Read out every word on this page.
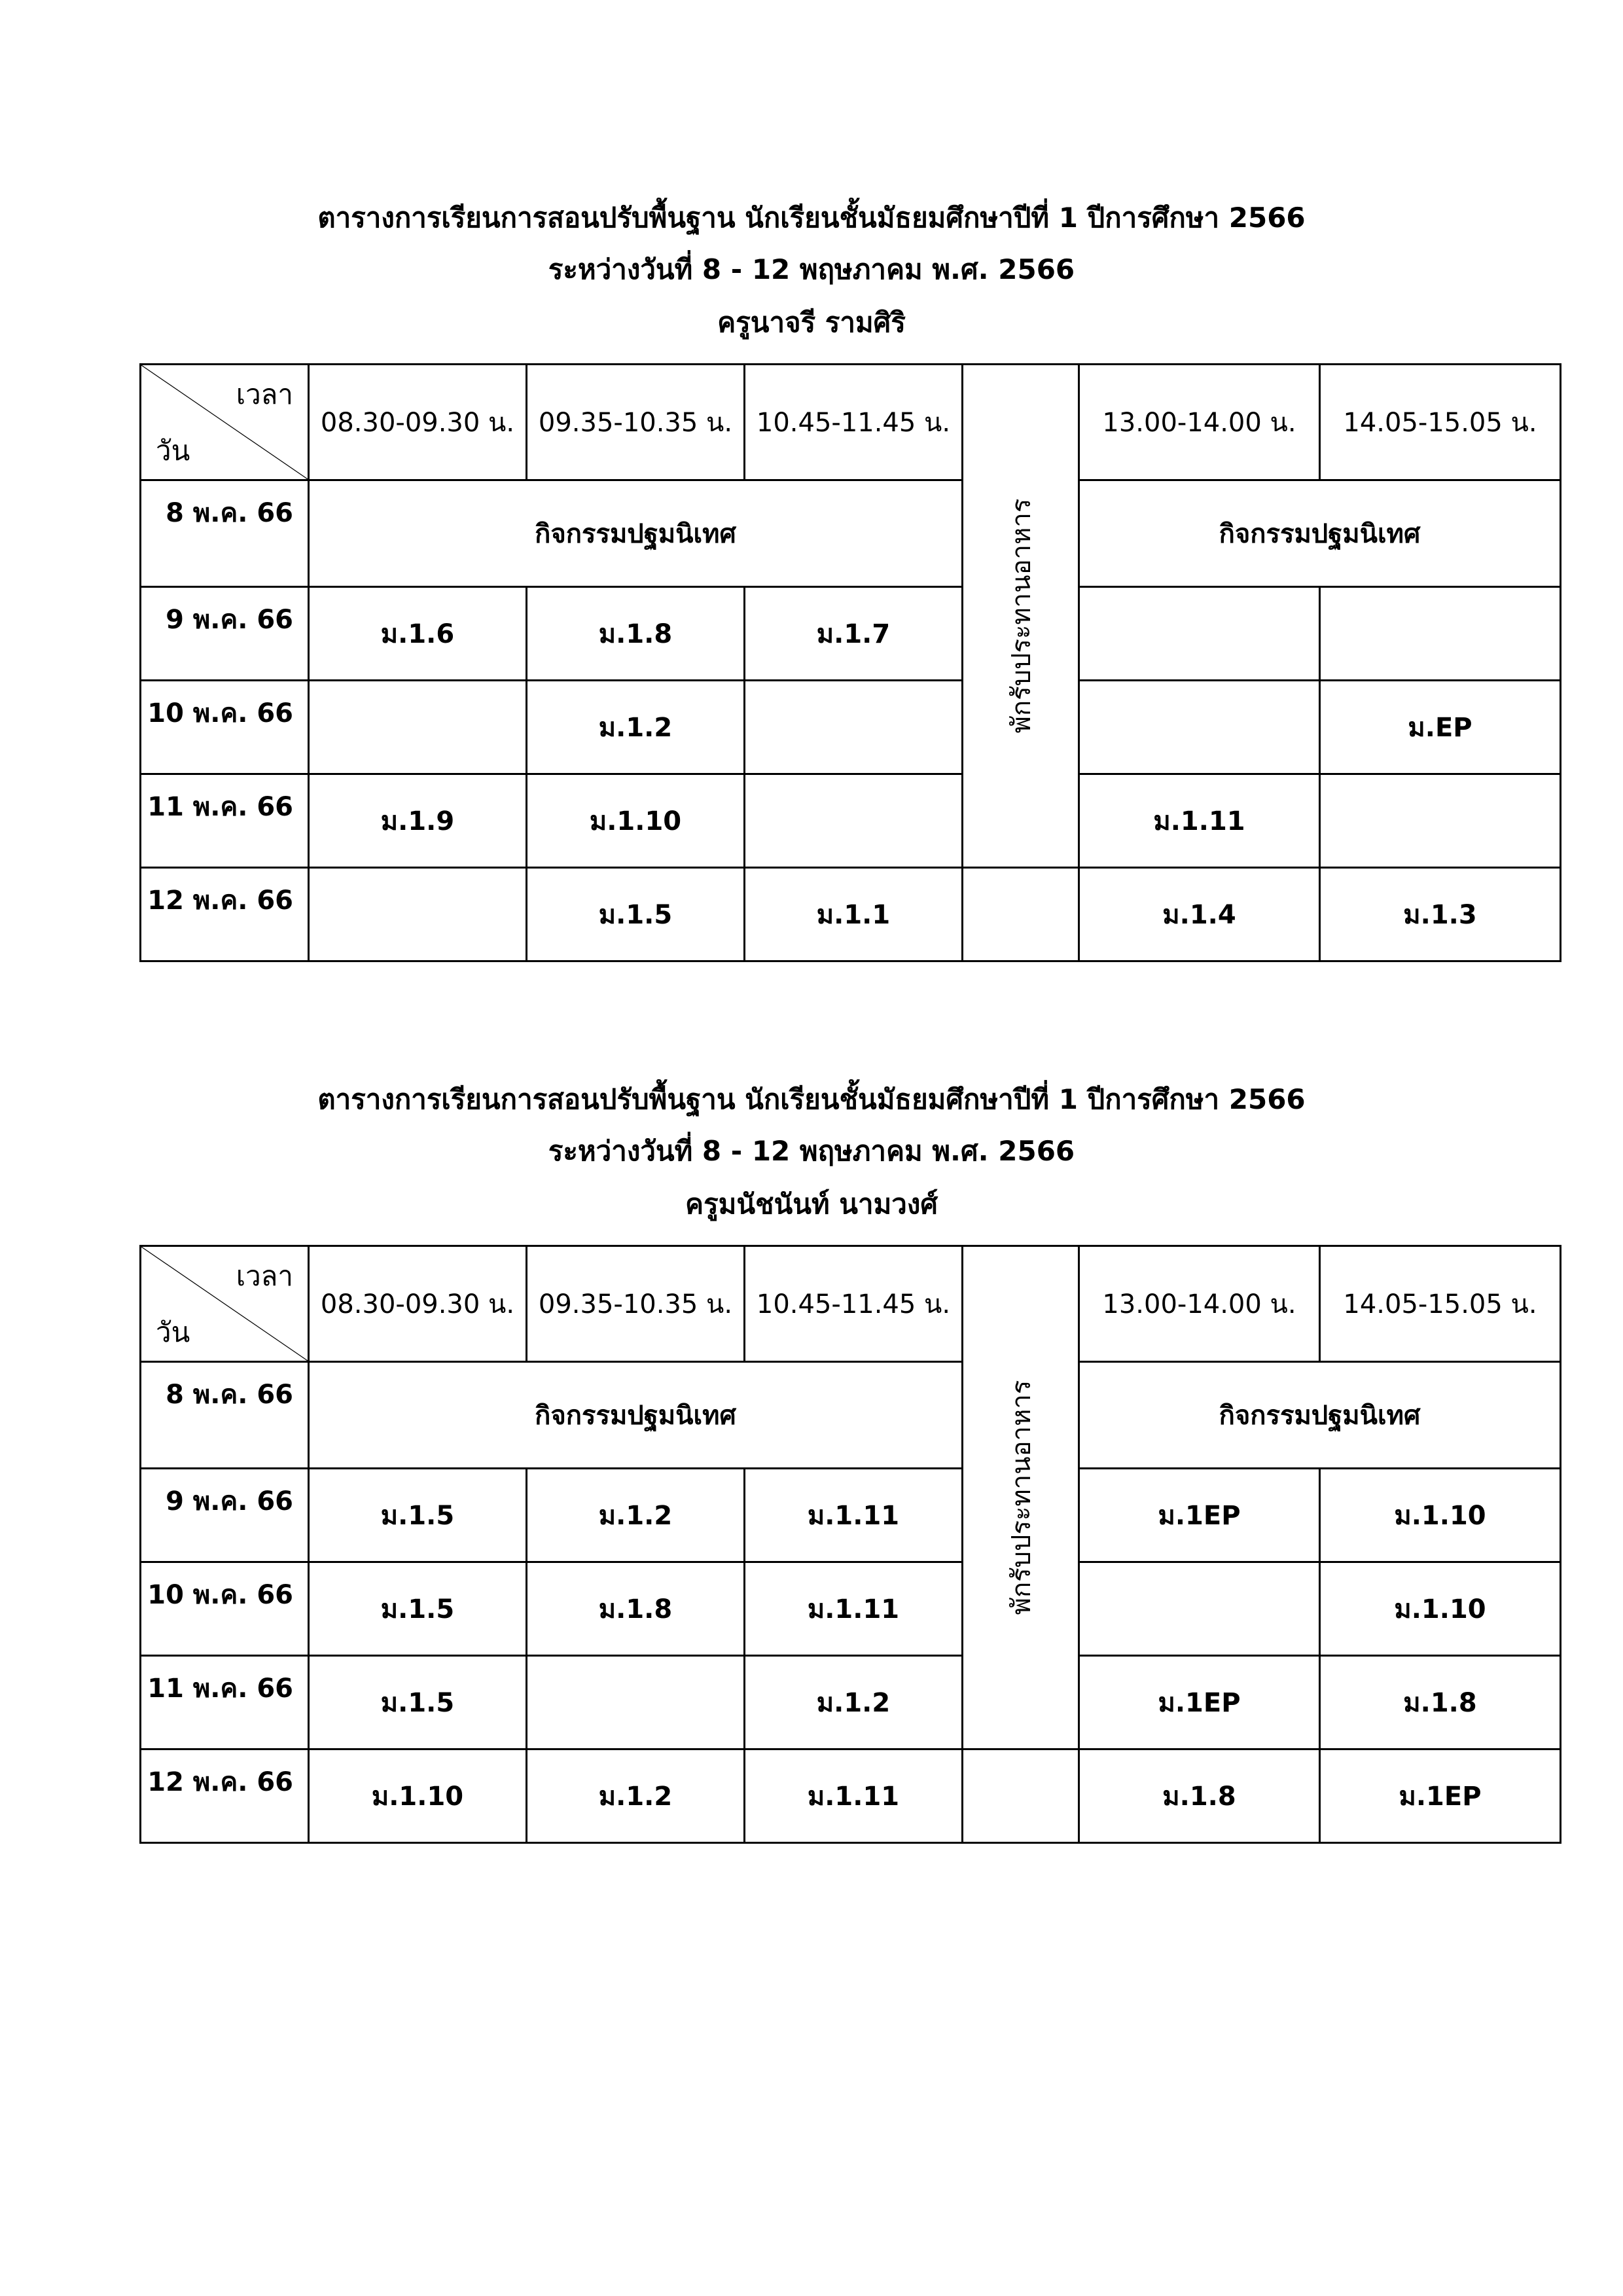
ตารางการเรียนการสอนปรับพื้นฐาน นักเรียนชั้นมัธยมศึกษาปีที่ 1 ปีการศึกษา 2566
ระหว่างวันที่ 8 - 12 พฤษภาคม พ.ศ. 2566
ครูนาจรี รามศิริ
เวลา
วัน	08.30-09.30 น.	09.35-10.35 น.	10.45-11.45 น.	พักรับประทานอาหาร	13.00-14.00 น.	14.05-15.05 น.
8 พ.ค. 66	กิจกรรมปฐมนิเทศ				กิจกรรมปฐมนิเทศ	
9 พ.ค. 66	ม.1.6	ม.1.8	ม.1.7			
10 พ.ค. 66		ม.1.2				ม.EP
11 พ.ค. 66	ม.1.9	ม.1.10			ม.1.11	
12 พ.ค. 66		ม.1.5	ม.1.1		ม.1.4	ม.1.3
ตารางการเรียนการสอนปรับพื้นฐาน นักเรียนชั้นมัธยมศึกษาปีที่ 1 ปีการศึกษา 2566
ระหว่างวันที่ 8 - 12 พฤษภาคม พ.ศ. 2566
ครูมนัชนันท์ นามวงศ์
เวลา
วัน	08.30-09.30 น.	09.35-10.35 น.	10.45-11.45 น.	พักรับประทานอาหาร	13.00-14.00 น.	14.05-15.05 น.
8 พ.ค. 66	กิจกรรมปฐมนิเทศ				กิจกรรมปฐมนิเทศ	
9 พ.ค. 66	ม.1.5	ม.1.2	ม.1.11		ม.1EP	ม.1.10
10 พ.ค. 66	ม.1.5	ม.1.8	ม.1.11			ม.1.10
11 พ.ค. 66	ม.1.5		ม.1.2		ม.1EP	ม.1.8
12 พ.ค. 66	ม.1.10	ม.1.2	ม.1.11		ม.1.8	ม.1EP
